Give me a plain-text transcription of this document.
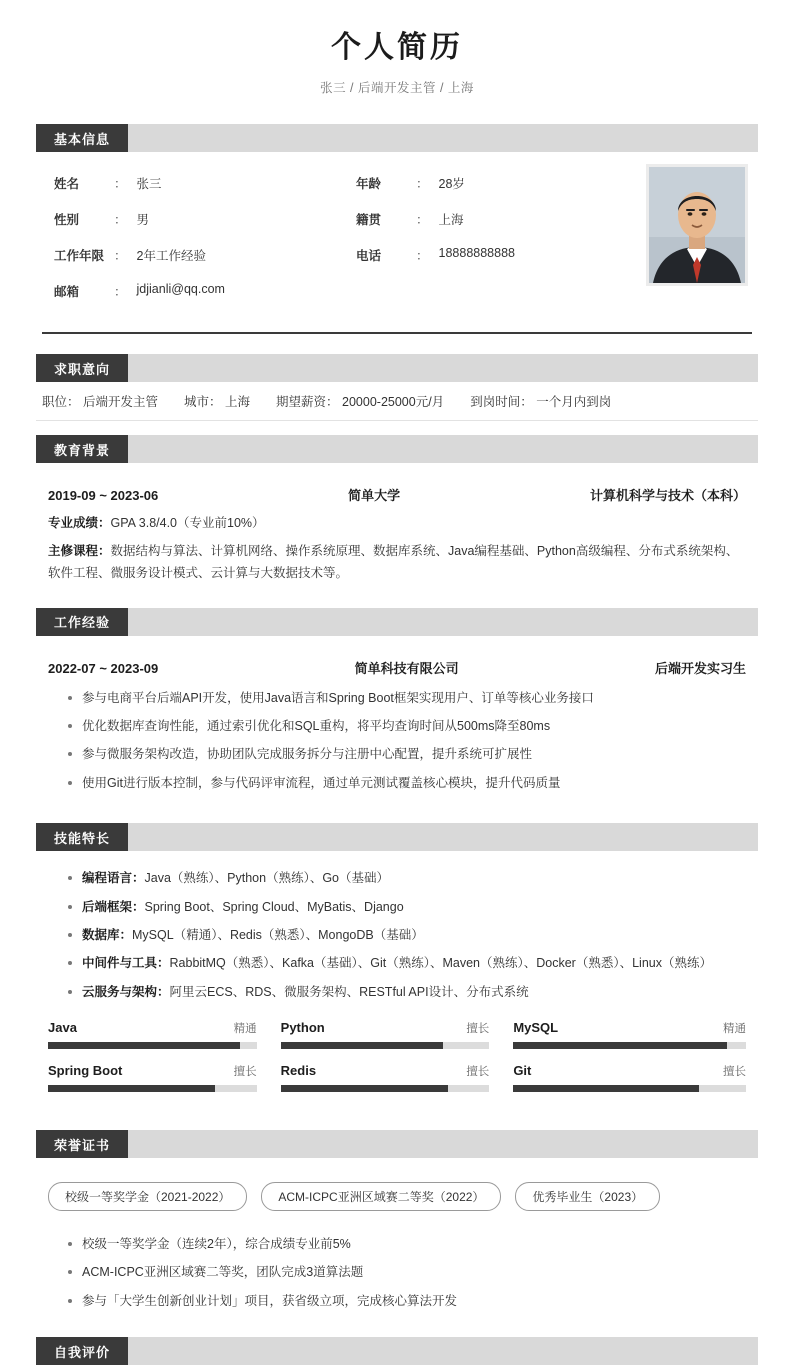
个人简历
张三 / 后端开发主管 / 上海
基本信息
姓名	： 张三	年龄	： 28岁
性别	： 男	籍贯	： 上海
工作年限 ： 2年工作经验	电话	： 18888888888
邮箱	： jdjianli@qq.com
求职意向
职位： 后端开发主管 城市： 上海 期望薪资： 20000-25000元/月 到岗时间： 一个月内到岗
教育背景
2019-09 ~ 2023-06	简单大学	计算机科学与技术（本科）
专业成绩：GPA 3.8/4.0（专业前10%）
主修课程：数据结构与算法、计算机网络、操作系统原理、数据库系统、Java编程基础、Python高级编程、分布式系统架构、软件工程、微服务设计模式、云计算与大数据技术等。
工作经验
2022-07 ~ 2023-09	简单科技有限公司	后端开发实习生
参与电商平台后端API开发，使用Java语言和Spring Boot框架实现用户、订单等核心业务接口
优化数据库查询性能，通过索引优化和SQL重构，将平均查询时间从500ms降至80ms
参与微服务架构改造，协助团队完成服务拆分与注册中心配置，提升系统可扩展性
使用Git进行版本控制，参与代码评审流程，通过单元测试覆盖核心模块，提升代码质量
技能特长
编程语言：Java（熟练）、Python（熟练）、Go（基础）
后端框架：Spring Boot、Spring Cloud、MyBatis、Django
数据库：MySQL（精通）、Redis（熟悉）、MongoDB（基础）
中间件与工具：RabbitMQ（熟悉）、Kafka（基础）、Git（熟练）、Maven（熟练）、Docker（熟悉）、Linux（熟练）
云服务与架构：阿里云ECS、RDS、微服务架构、RESTful API设计、分布式系统
Java	精通 Python	擅长 MySQL	精通
Spring Boot	擅长 Redis	擅长 Git	擅长
荣誉证书
校级一等奖学金（2021-2022）	ACM-ICPC亚洲区域赛二等奖（2022）	优秀毕业生（2023）
校级一等奖学金（连续2年），综合成绩专业前5%
ACM-ICPC亚洲区域赛二等奖，团队完成3道算法题
参与「大学生创新创业计划」项目，获省级立项，完成核心算法开发
自我评价
